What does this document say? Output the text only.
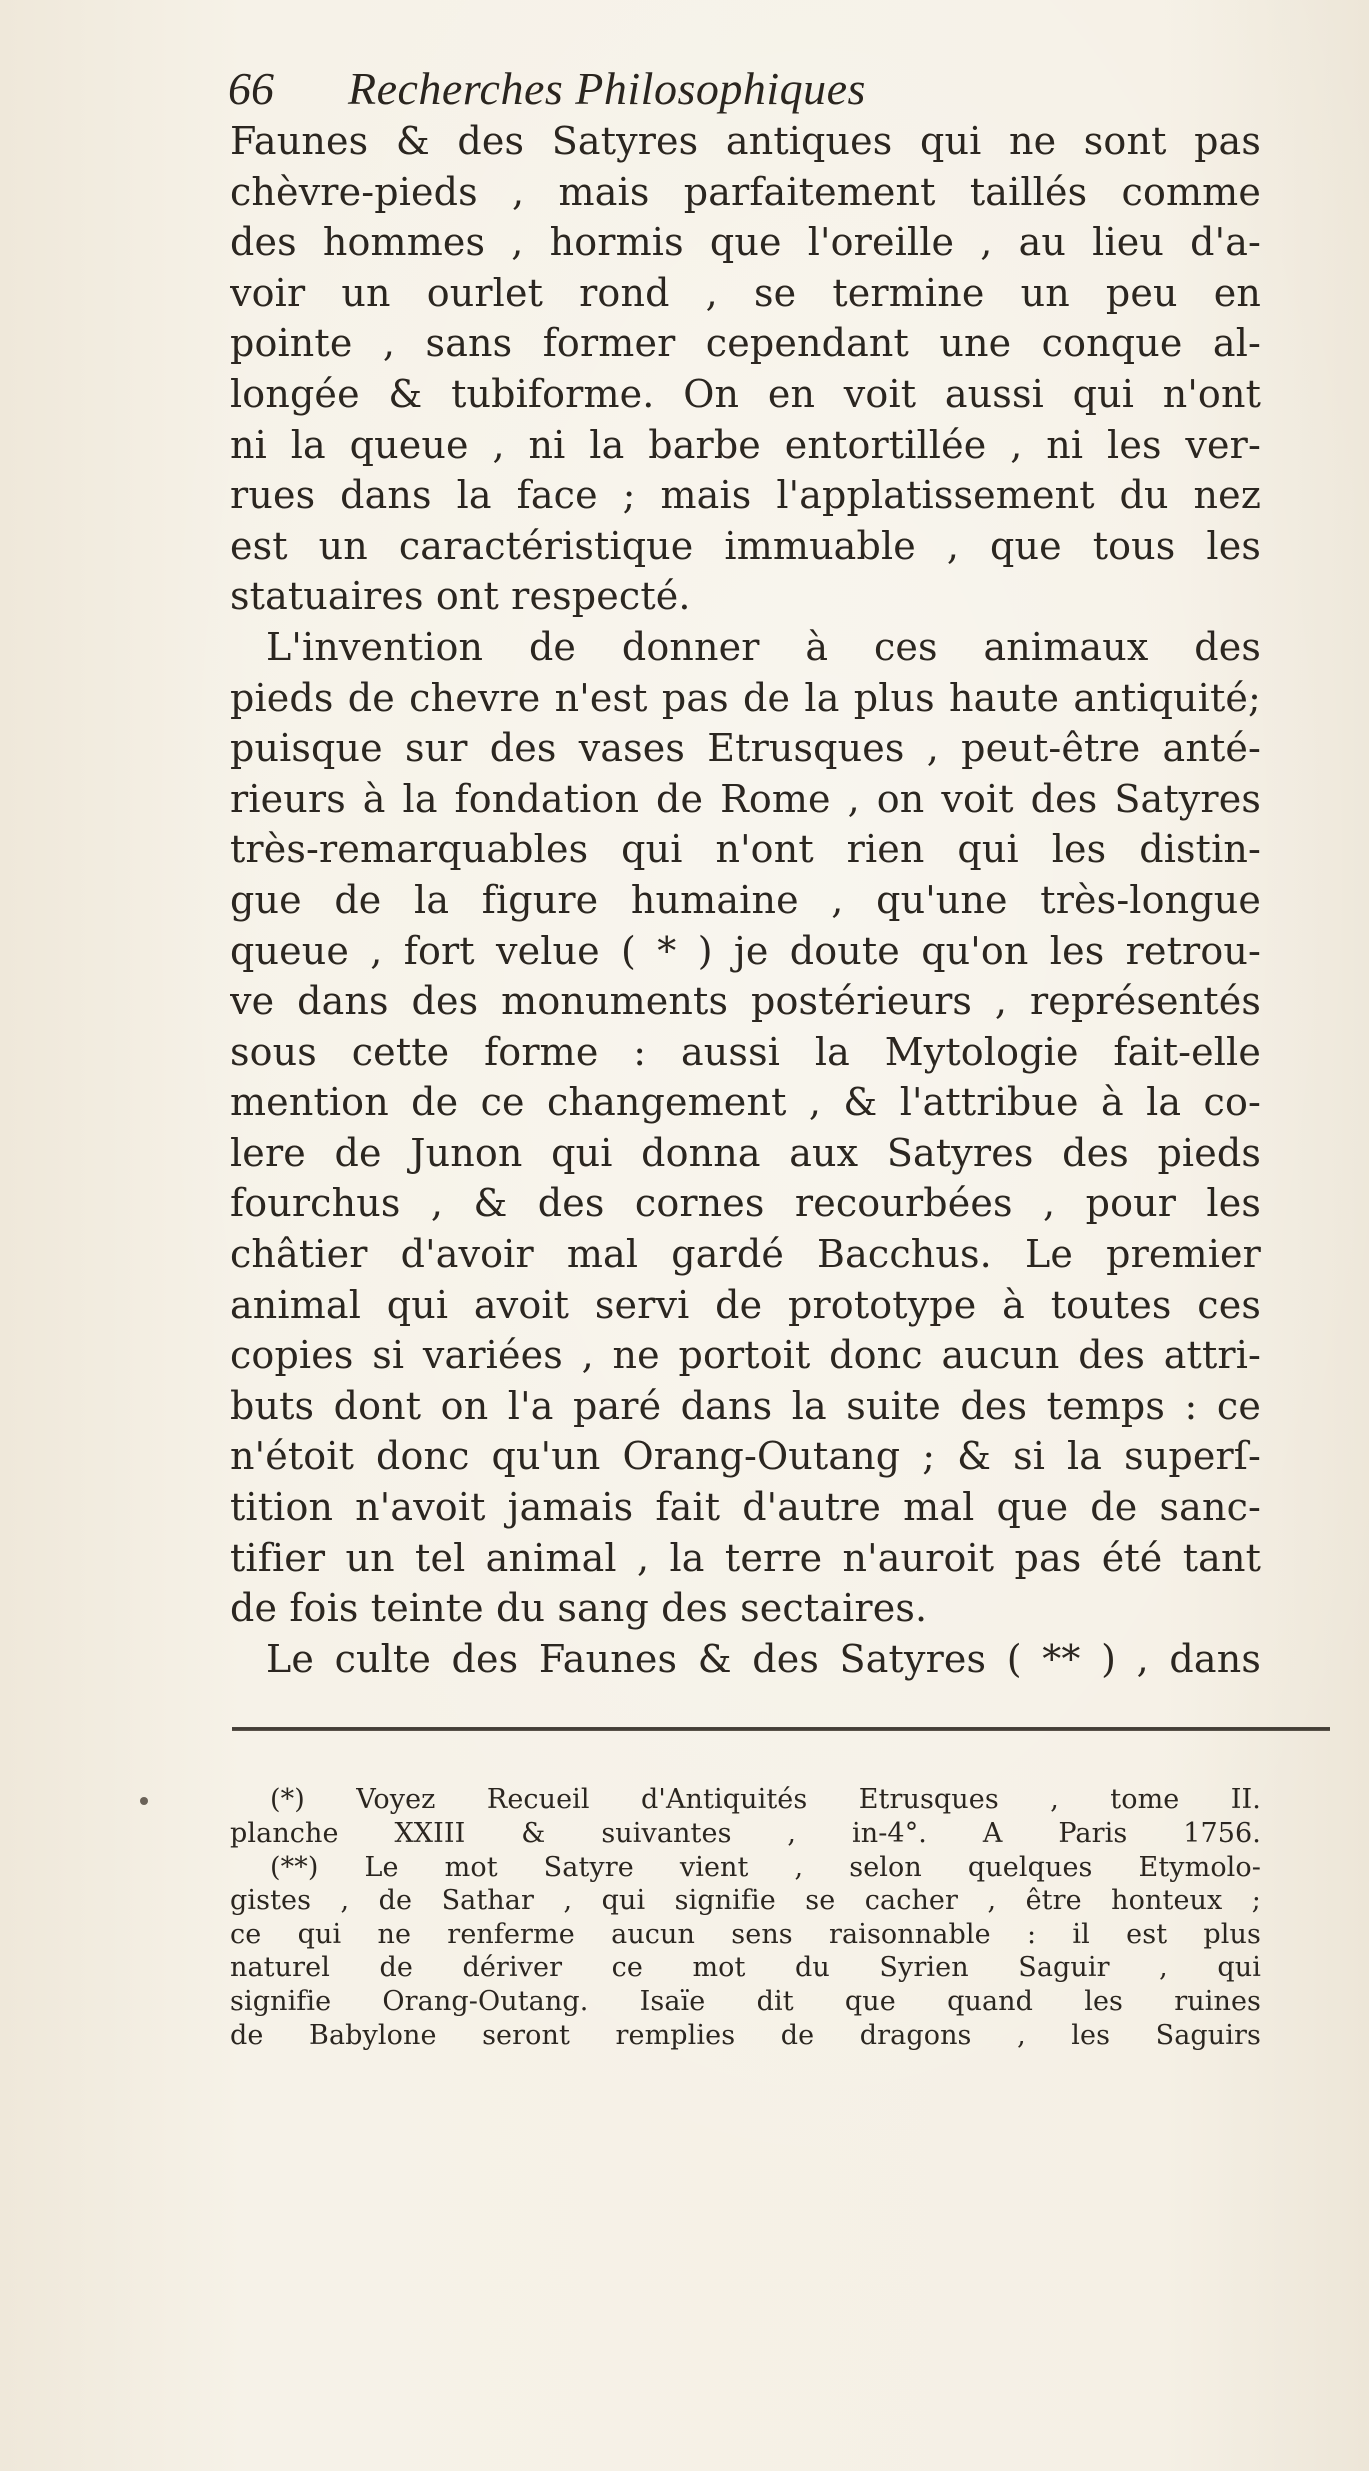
66	Recherches Philosophiques
Faunes & des Satyres antiques qui ne sont pas
chèvre-pieds , mais parfaitement taillés comme
des hommes , hormis que l'oreille , au lieu d'a-
voir un ourlet rond , se termine un peu en
pointe , sans former cependant une conque al-
longée & tubiforme. On en voit aussi qui n'ont
ni la queue , ni la barbe entortillée , ni les ver-
rues dans la face ; mais l'applatissement du nez
est un caractéristique immuable , que tous les
statuaires ont respecté.
L'invention de donner à ces animaux des
pieds de chevre n'est pas de la plus haute antiquité;
puisque sur des vases Etrusques , peut-être anté-
rieurs à la fondation de Rome , on voit des Satyres
très-remarquables qui n'ont rien qui les distin-
gue de la figure humaine , qu'une très-longue
queue , fort velue ( * ) je doute qu'on les retrou-
ve dans des monuments postérieurs , représentés
sous cette forme : aussi la Mytologie fait-elle
mention de ce changement , & l'attribue à la co-
lere de Junon qui donna aux Satyres des pieds
fourchus , & des cornes recourbées , pour les
châtier d'avoir mal gardé Bacchus. Le premier
animal qui avoit servi de prototype à toutes ces
copies si variées , ne portoit donc aucun des attri-
buts dont on l'a paré dans la suite des temps : ce
n'étoit donc qu'un Orang-Outang ; & si la superſ-
tition n'avoit jamais fait d'autre mal que de sanc-
tifier un tel animal , la terre n'auroit pas été tant
de fois teinte du sang des sectaires.
Le culte des Faunes & des Satyres ( ** ) , dans
(*) Voyez Recueil d'Antiquités Etrusques , tome II.
planche XXIII & suivantes , in-4°. A Paris 1756.
(**) Le mot Satyre vient , selon quelques Etymolo-
gistes , de Sathar , qui signifie se cacher , être honteux ;
ce qui ne renferme aucun sens raisonnable : il est plus
naturel de dériver ce mot du Syrien Saguir , qui
signifie Orang-Outang. Isaïe dit que quand les ruines
de Babylone seront remplies de dragons , les Saguirs
